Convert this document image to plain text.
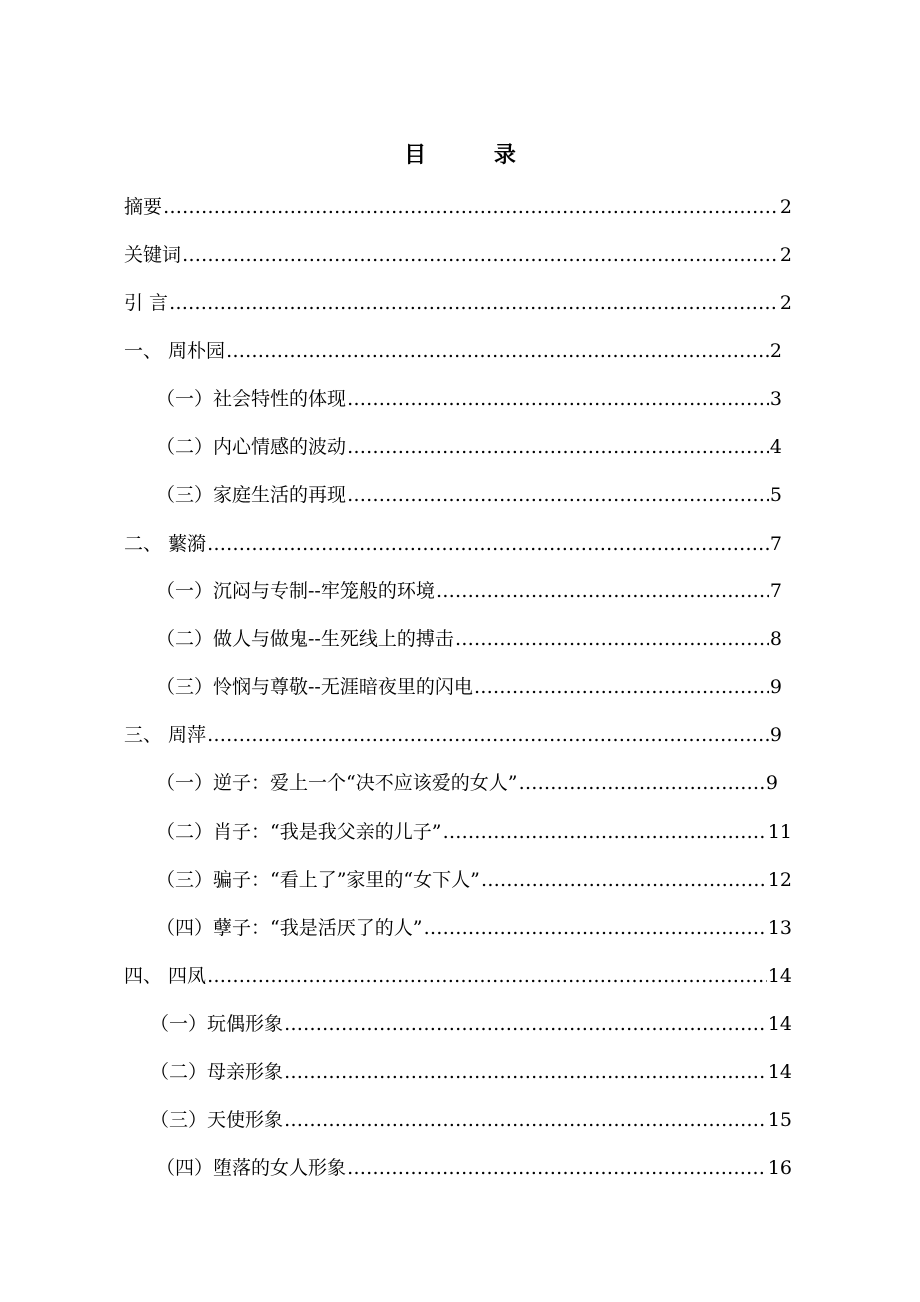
目 录
摘要 ……………………………………………………………………………………………………………………………………………………	2
关键词 ……………………………………………………………………………………………………………………………………………………	2
引 言 ……………………………………………………………………………………………………………………………………………………	2
一、 周朴园 ……………………………………………………………………………………………………………………………………………………	2
（一）社会特性的体现 ……………………………………………………………………………………………………………………………………………………	3
（二）内心情感的波动 ……………………………………………………………………………………………………………………………………………………	4
（三）家庭生活的再现 ……………………………………………………………………………………………………………………………………………………	5
二、 蘩漪 ……………………………………………………………………………………………………………………………………………………	7
（一）沉闷与专制--牢笼般的环境 ……………………………………………………………………………………………………………………………………………………	7
（二）做人与做鬼--生死线上的搏击 ……………………………………………………………………………………………………………………………………………………	8
（三）怜悯与尊敬--无涯暗夜里的闪电 ……………………………………………………………………………………………………………………………………………………	9
三、 周萍 ……………………………………………………………………………………………………………………………………………………	9
（一）逆子：爱上一个“决不应该爱的女人” ……………………………………………………………………………………………………………………………………………………	9
（二）肖子：“我是我父亲的儿子” ……………………………………………………………………………………………………………………………………………………	11
（三）骗子：“看上了”家里的“女下人” ……………………………………………………………………………………………………………………………………………………	12
（四）孽子：“我是活厌了的人” ……………………………………………………………………………………………………………………………………………………	13
四、 四凤 ……………………………………………………………………………………………………………………………………………………	14
（一）玩偶形象 ……………………………………………………………………………………………………………………………………………………	14
（二）母亲形象 ……………………………………………………………………………………………………………………………………………………	14
（三）天使形象 ……………………………………………………………………………………………………………………………………………………	15
（四）堕落的女人形象 ……………………………………………………………………………………………………………………………………………………	16
